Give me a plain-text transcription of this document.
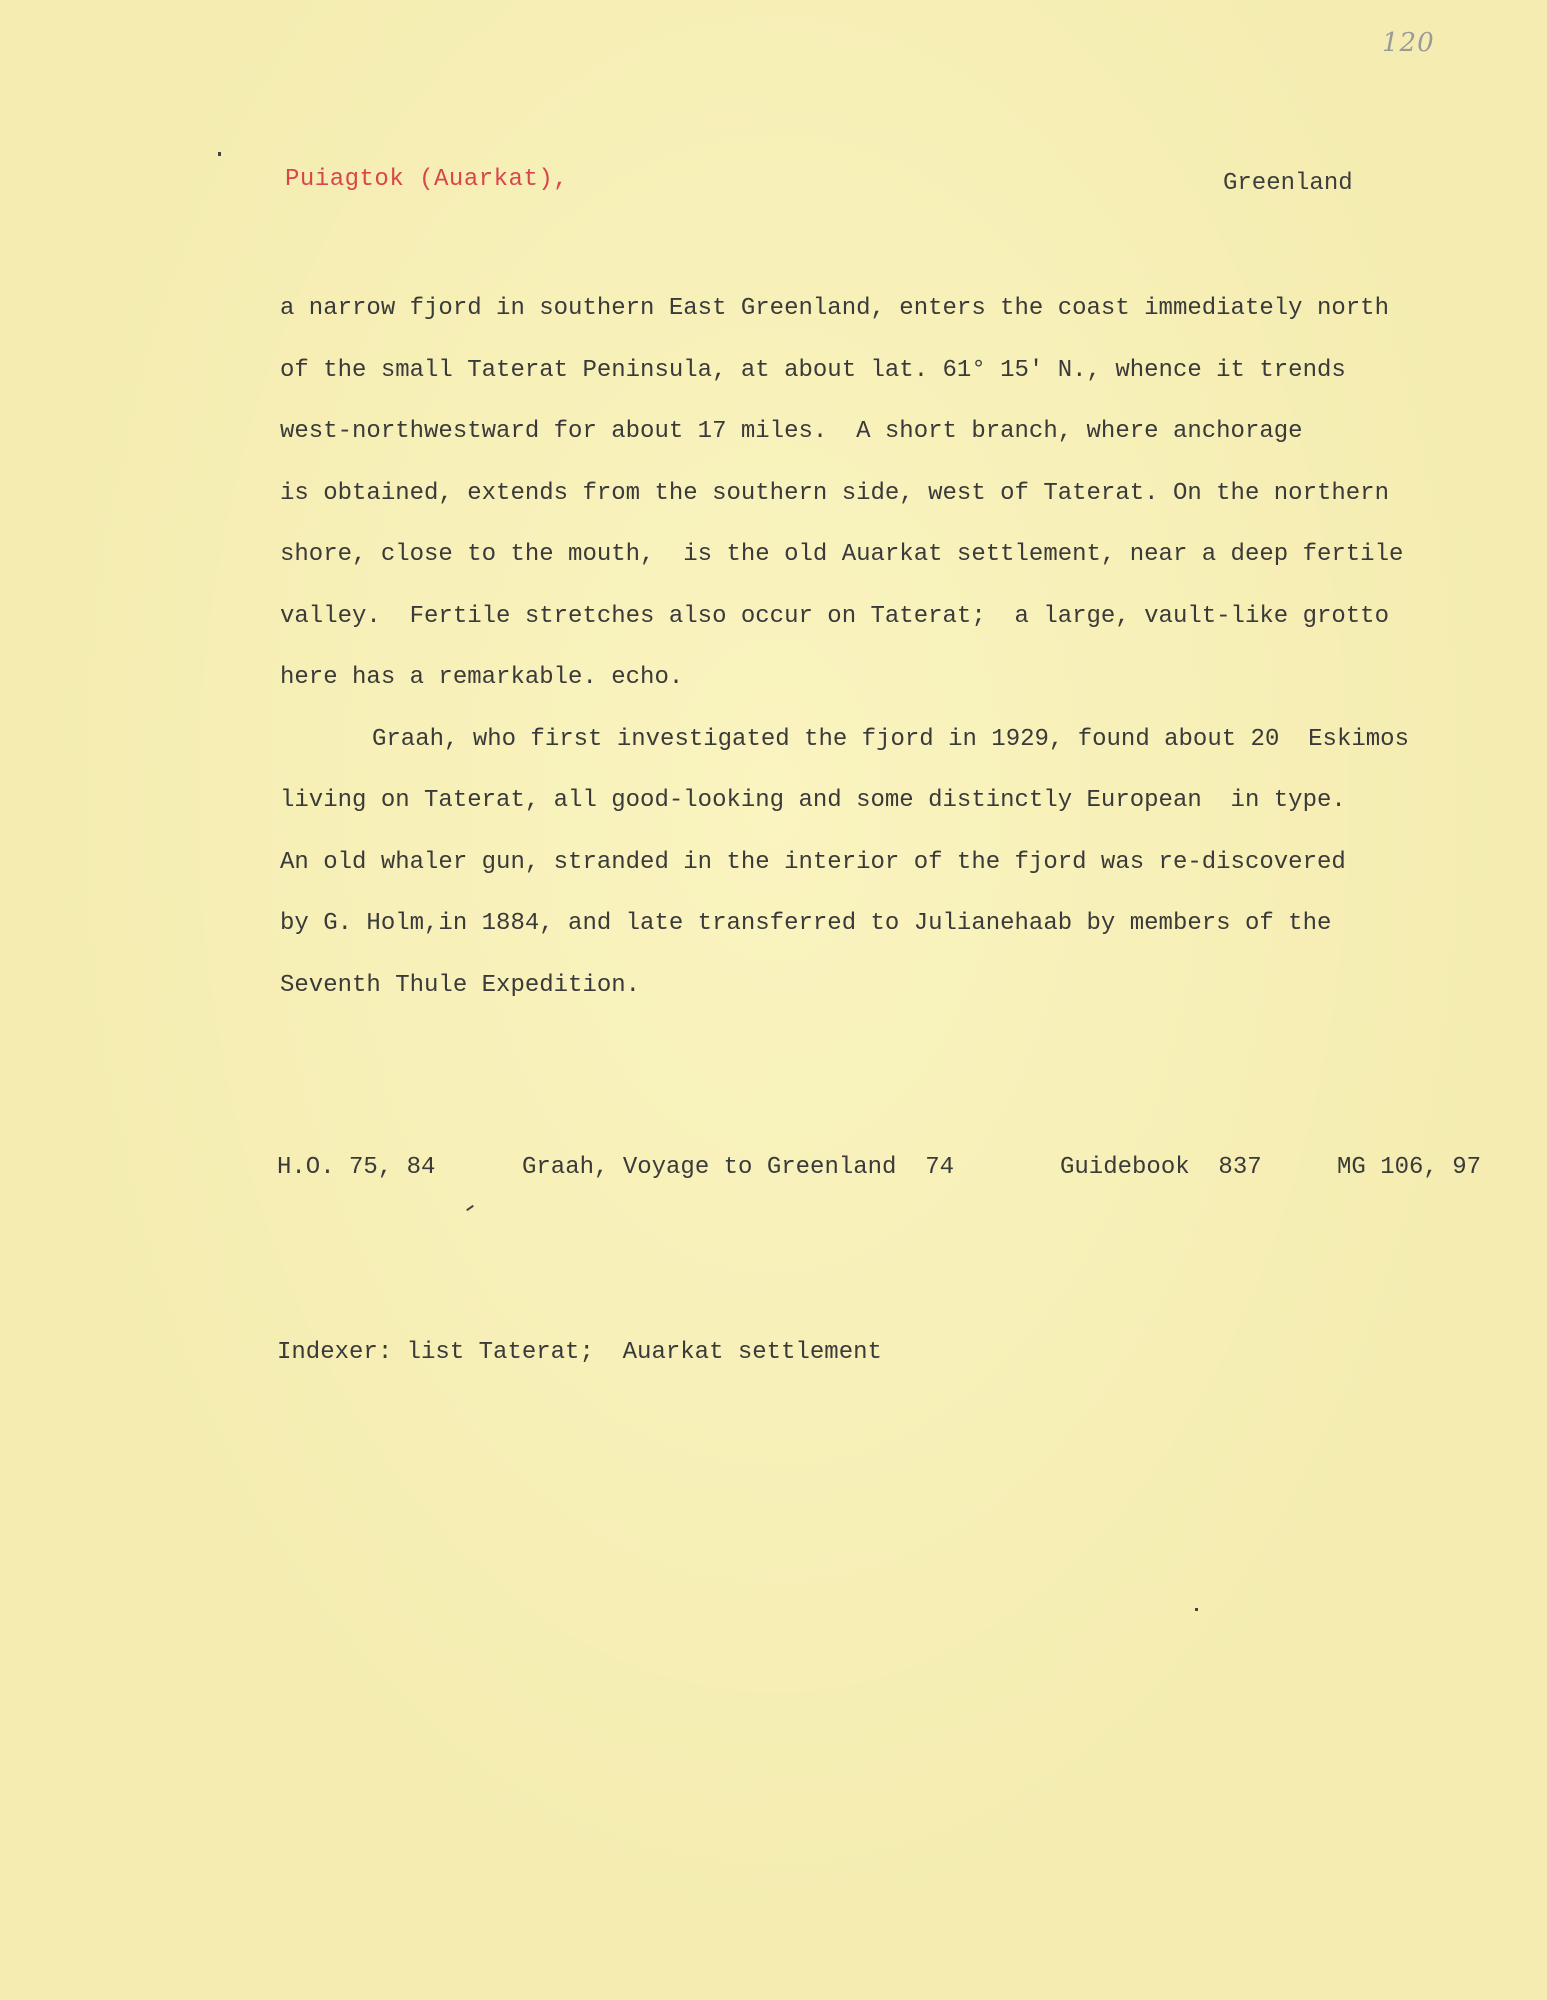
120
Puiagtok (Auarkat),	Greenland
a narrow fjord in southern East Greenland, enters the coast immediately north
of the small Taterat Peninsula, at about lat. 61° 15' N., whence it trends
west-northwestward for about 17 miles.  A short branch, where anchorage
is obtained, extends from the southern side, west of Taterat. On the northern
shore, close to the mouth,  is the old Auarkat settlement, near a deep fertile
valley.  Fertile stretches also occur on Taterat;  a large, vault-like grotto
here has a remarkable. echo.
Graah, who first investigated the fjord in 1929, found about 20  Eskimos
living on Taterat, all good-looking and some distinctly European  in type.
An old whaler gun, stranded in the interior of the fjord was re-discovered
by G. Holm,in 1884, and late transferred to Julianehaab by members of the
Seventh Thule Expedition.

H.O. 75, 84

	Graah, Voyage to Greenland  74

	Guidebook  837

	MG 106, 97

Indexer: list Taterat;  Auarkat settlement
